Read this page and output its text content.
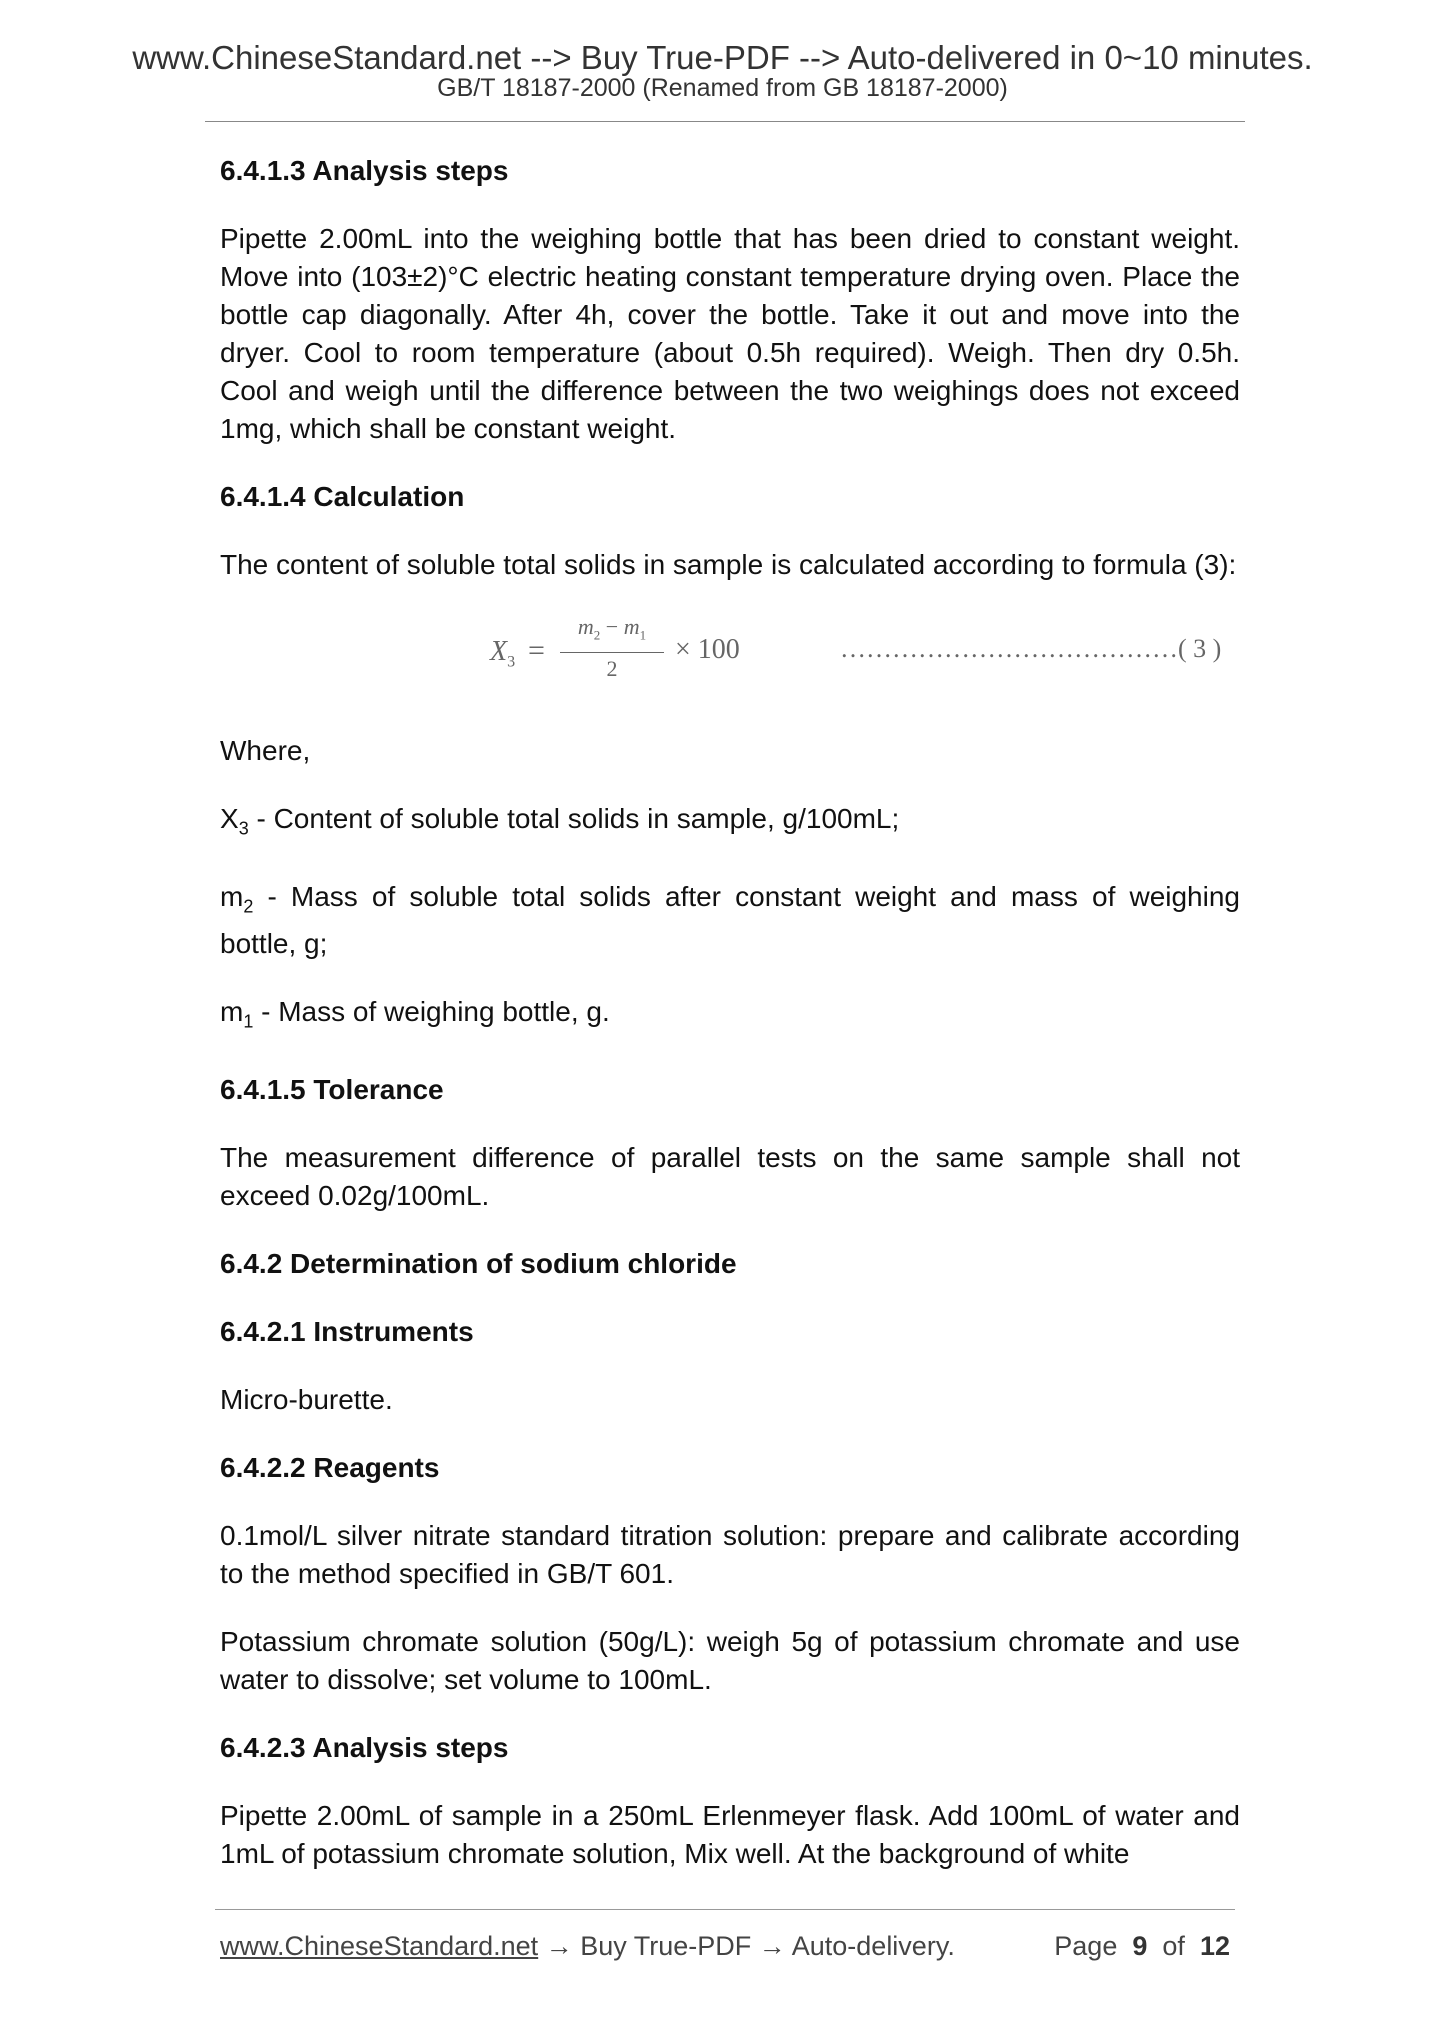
www.ChineseStandard.net --> Buy True-PDF --> Auto-delivered in 0~10 minutes.
GB/T 18187-2000 (Renamed from GB 18187-2000)
6.4.1.3 Analysis steps
Pipette 2.00mL into the weighing bottle that has been dried to constant weight. Move into (103±2)°C electric heating constant temperature drying oven. Place the bottle cap diagonally. After 4h, cover the bottle. Take it out and move into the dryer. Cool to room temperature (about 0.5h required). Weigh. Then dry 0.5h. Cool and weigh until the difference between the two weighings does not exceed 1mg, which shall be constant weight.
6.4.1.4 Calculation
The content of soluble total solids in sample is calculated according to formula (3):
$X_3$ =
$m_2 - m_1$
2
× 100	…………………………………( 3 )
Where,
$X_3$ - Content of soluble total solids in sample, g/100mL;
$m_2$ - Mass of soluble total solids after constant weight and mass of weighing bottle, g;
$m_1$ - Mass of weighing bottle, g.
6.4.1.5 Tolerance
The measurement difference of parallel tests on the same sample shall not exceed 0.02g/100mL.
6.4.2 Determination of sodium chloride
6.4.2.1 Instruments
Micro-burette.
6.4.2.2 Reagents
0.1mol/L silver nitrate standard titration solution: prepare and calibrate according to the method specified in GB/T 601.
Potassium chromate solution (50g/L): weigh 5g of potassium chromate and use water to dissolve; set volume to 100mL.
6.4.2.3 Analysis steps
Pipette 2.00mL of sample in a 250mL Erlenmeyer flask. Add 100mL of water and 1mL of potassium chromate solution, Mix well. At the background of white
www.ChineseStandard.net → Buy True-PDF → Auto-delivery.	Page 9 of 12
